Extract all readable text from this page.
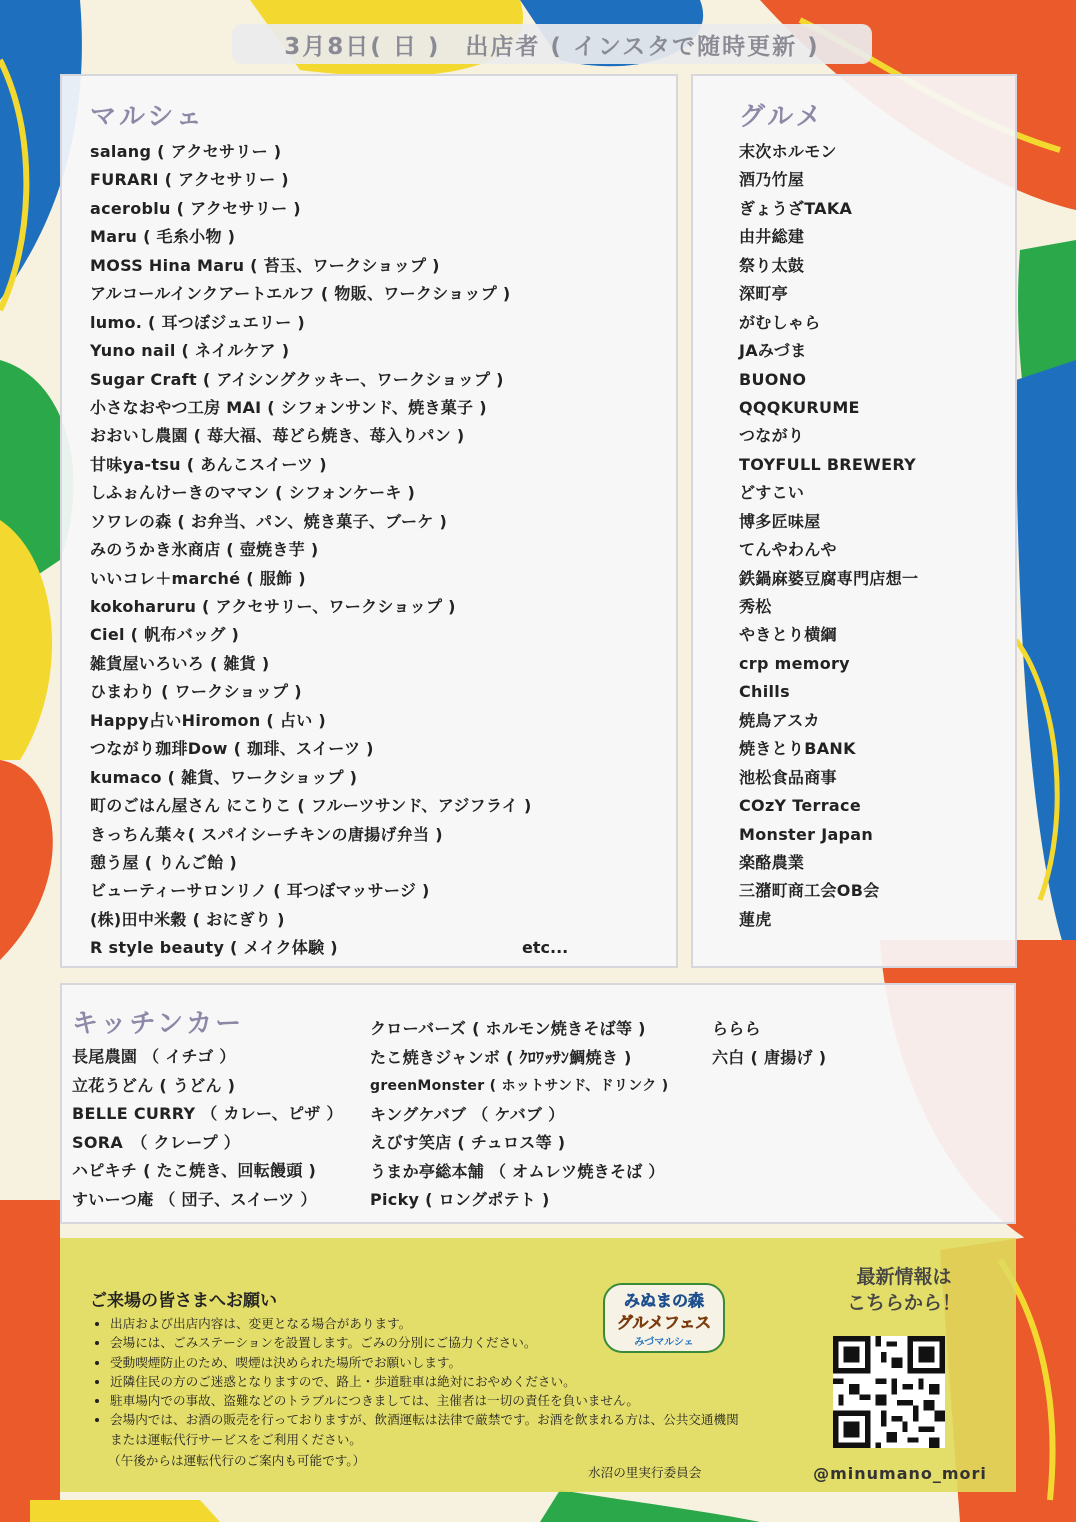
3月8日( 日 )　出店者 ( インスタで随時更新 )
マルシェ
salang ( アクセサリー )
FURARI ( アクセサリー )
aceroblu ( アクセサリー )
Maru ( 毛糸小物 )
MOSS Hina Maru ( 苔玉、ワークショップ )
アルコールインクアートエルフ ( 物販、ワークショップ )
lumo. ( 耳つぼジュエリー )
Yuno nail ( ネイルケア )
Sugar Craft ( アイシングクッキー、ワークショップ )
小さなおやつ工房 MAI ( シフォンサンド、焼き菓子 )
おおいし農園 ( 苺大福、苺どら焼き、苺入りパン )
甘味ya-tsu ( あんこスイーツ )
しふぉんけーきのママン ( シフォンケーキ )
ソワレの森 ( お弁当、パン、焼き菓子、ブーケ )
みのうかき氷商店 ( 壺焼き芋 )
いいコレ＋marché ( 服飾 )
kokoharuru ( アクセサリー、ワークショップ )
Ciel ( 帆布バッグ )
雑貨屋いろいろ ( 雑貨 )
ひまわり ( ワークショップ )
Happy占いHiromon ( 占い )
つながり珈琲Dow ( 珈琲、スイーツ )
kumaco ( 雑貨、ワークショップ )
町のごはん屋さん にこりこ ( フルーツサンド、アジフライ )
きっちん葉々( スパイシーチキンの唐揚げ弁当 )
憩う屋 ( りんご飴 )
ビューティーサロンリノ ( 耳つぼマッサージ )
(株)田中米穀 ( おにぎり )
R style beauty ( メイク体験 )	etc...
グルメ
末次ホルモン
酒乃竹屋
ぎょうざTAKA
由井総建
祭り太鼓
深町亭
がむしゃら
JAみづま
BUONO
QQQKURUME
つながり
TOYFULL BREWERY
どすこい
博多匠味屋
てんやわんや
鉄鍋麻婆豆腐専門店想一
秀松
やきとり横綱
crp memory
Chills
焼鳥アスカ
焼きとりBANK
池松食品商事
COzY Terrace
Monster Japan
楽酪農業
三潴町商工会OB会
蓮虎
キッチンカー
長尾農園 （ イチゴ ）
立花うどん ( うどん )
BELLE CURRY （ カレー、ピザ ）
SORA　（ クレープ ）
ハピキチ ( たこ焼き、回転饅頭 )
すいーつ庵 （ 団子、スイーツ ）
クローバーズ ( ホルモン焼きそば等 )
たこ焼きジャンボ ( ｸﾛﾜｯｻﾝ鯛焼き )
greenMonster ( ホットサンド、ドリンク )
キングケバブ （ ケバブ ）
えびす笑店 ( チュロス等 )
うまか亭総本舗 （ オムレツ焼きそば ）
Picky ( ロングポテト )
ららら
六白 ( 唐揚げ )
ご来場の皆さまへお願い
• 出店および出店内容は、変更となる場合があります。
• 会場には、ごみステーションを設置します。ごみの分別にご協力ください。
• 受動喫煙防止のため、喫煙は決められた場所でお願いします。
• 近隣住民の方のご迷惑となりますので、路上・歩道駐車は絶対におやめください。
• 駐車場内での事故、盗難などのトラブルにつきましては、主催者は一切の責任を負いません。
• 会場内では、お酒の販売を行っておりますが、飲酒運転は法律で厳禁です。お酒を飲まれる方は、公共交通機関または運転代行サービスをご利用ください。
（午後からは運転代行のご案内も可能です。）
水沼の里実行委員会
みぬまの森
グルメフェス
みづマルシェ
最新情報は
こちらから！
@minumano_mori
